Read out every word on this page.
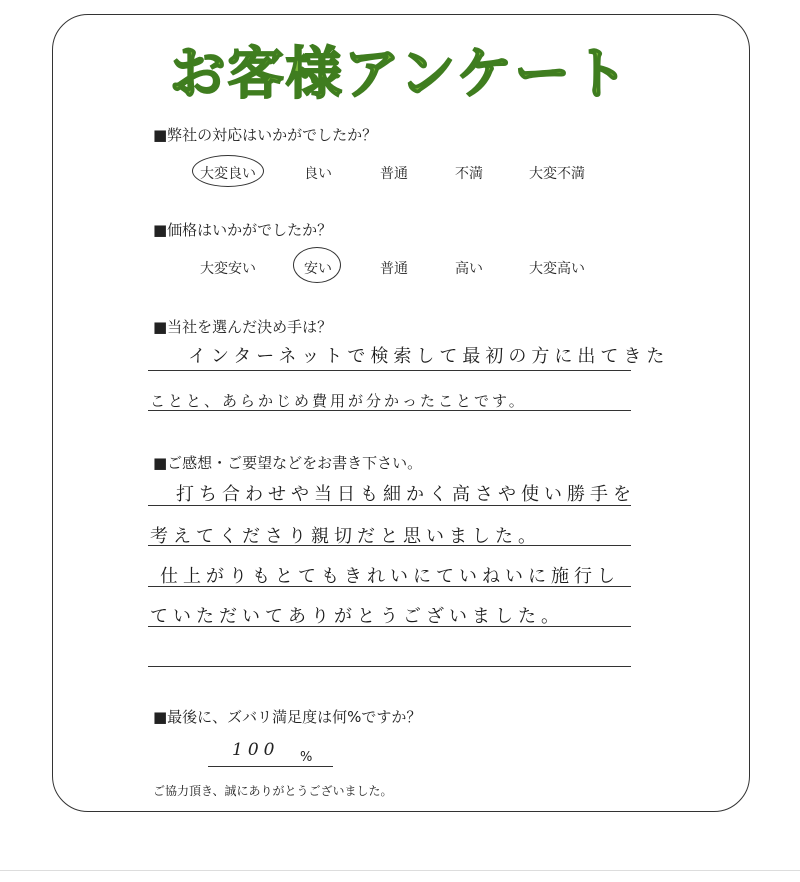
お客様アンケート
■弊社の対応はいかがでしたか？
大変良い	良い	普通	不満	大変不満
■価格はいかがでしたか？
大変安い	安い	普通	高い	大変高い
■当社を選んだ決め手は？
インターネットで検索して最初の方に出てきた
ことと、あらかじめ費用が分かったことです。
■ご感想・ご要望などをお書き下さい。
打ち合わせや当日も細かく高さや使い勝手を
考えてくださり親切だと思いました。
仕上がりもとてもきれいにていねいに施行し
ていただいてありがとうございました。
■最後に、ズバリ満足度は何%ですか？
100 %
ご協力頂き、誠にありがとうございました。
